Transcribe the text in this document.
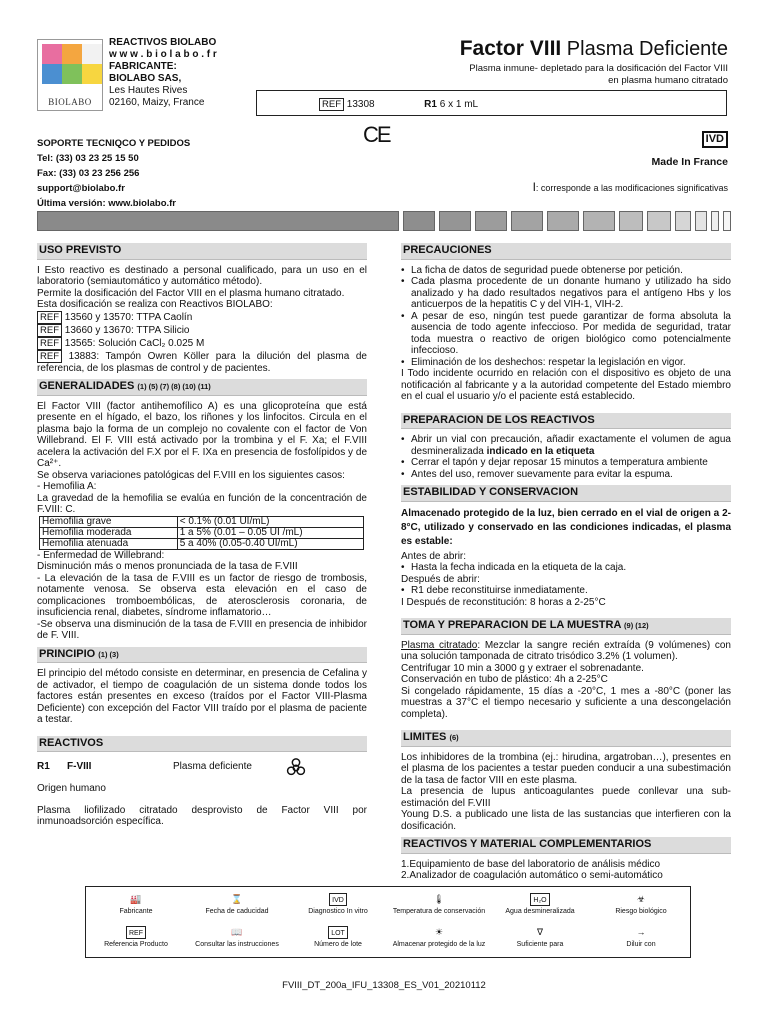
BIOLABO
REACTIVOS BIOLABO
w w w . b i o l a b o . f r
FABRICANTE:
BIOLABO SAS,
Les Hautes Rives
02160, Maizy, France
Factor VIII Plasma Deficiente
Plasma inmune- depletado para la dosificación del Factor VIII
en plasma humano citratado
REF 13308	R1 6 x 1 mL
SOPORTE TECNIQCO Y PEDIDOS
Tel: (33) 03 23 25 15 50
Fax: (33) 03 23 256 256
support@biolabo.fr
Última versión: www.biolabo.fr
CE	IVD
Made In France
I: corresponde a las modificaciones significativas
USO PREVISTO
I Esto reactivo es destinado a personal cualificado, para un uso en el laboratorio (semiautomático y automático método).
Permite la dosificación del Factor VIII en el plasma humano citratado.
Esta dosificación se realiza con Reactivos BIOLABO:
REF 13560 y 13570: TTPA Caolín
REF 13660 y 13670: TTPA Silicio
REF 13565: Solución CaCl₂ 0.025 M
REF 13883: Tampón Owren Köller para la dilución del plasma de referencia, de los plasmas de control y de pacientes.
GENERALIDADES (1) (5) (7) (8) (10) (11)
El Factor VIII (factor antihemofílico A) es una glicoproteína que está presente en el hígado, el bazo, los riñones y los linfocitos. Circula en el plasma bajo la forma de un complejo no covalente con el factor de Von Willebrand. El F. VIII está activado por la trombina y el F. Xa; el F.VIII acelera la activación del F.X por el F. IXa en presencia de fosfolípidos y de Ca²⁺.
Se observa variaciones patológicas del F.VIII en los siguientes casos:
- Hemofilia A:
La gravedad de la hemofilia se evalúa en función de la concentración de F.VIII: C.
Hemofilia grave	< 0.1% (0.01 UI/mL)
Hemofilia moderada	1 a 5% (0.01 – 0.05 UI /mL)
Hemofilia atenuada	5 a 40% (0.05-0.40 UI/mL)
- Enfermedad de Willebrand:
Disminución más o menos pronunciada de la tasa de F.VIII
- La elevación de la tasa de F.VIII es un factor de riesgo de trombosis, notamente venosa. Se observa esta elevación en el caso de complicaciones tromboembólicas, de aterosclerosis coronaria, de insuficiencia renal, diabetes, síndrome inflamatorio…
-Se observa una disminución de la tasa de F.VIII en presencia de inhibidor de F. VIII.
PRINCIPIO (1) (3)
El principio del método consiste en determinar, en presencia de Cefalina y de activador, el tiempo de coagulación de un sistema donde todos los factores están presentes en exceso (traídos por el Factor VIII-Plasma Deficiente) con excepción del Factor VIII traído por el plasma de paciente a testar.
REACTIVOS
R1 F-VIII	Plasma deficiente
Origen humano
Plasma liofilizado citratado desprovisto de Factor VIII por inmunoadsorción específica.
PRECAUCIONES
• La ficha de datos de seguridad puede obtenerse por petición.
• Cada plasma procedente de un donante humano y utilizado ha sido analizado y ha dado resultados negativos para el antígeno Hbs y los anticuerpos de la hepatitis C y del VIH-1, VIH-2.
• A pesar de eso, ningún test puede garantizar de forma absoluta la ausencia de todo agente infeccioso. Por medida de seguridad, tratar toda muestra o reactivo de origen biológico como potencialmente infeccioso.
• Eliminación de los deshechos: respetar la legislación en vigor.
I Todo incidente ocurrido en relación con el dispositivo es objeto de una notificación al fabricante y a la autoridad competente del Estado miembro en el cual el usuario y/o el paciente está establecido.
PREPARACION DE LOS REACTIVOS
• Abrir un vial con precaución, añadir exactamente el volumen de agua desmineralizada indicado en la etiqueta
• Cerrar el tapón y dejar reposar 15 minutos a temperatura ambiente
• Antes del uso, remover suevamente para evitar la espuma.
ESTABILIDAD Y CONSERVACION
Almacenado protegido de la luz, bien cerrado en el vial de origen a 2-8°C, utilizado y conservado en las condiciones indicadas, el plasma es estable:
Antes de abrir:
• Hasta la fecha indicada en la etiqueta de la caja.
Después de abrir:
• R1 debe reconstituirse inmediatamente.
I Después de reconstitución: 8 horas a 2-25°C
TOMA Y PREPARACION DE LA MUESTRA (9) (12)
Plasma citratado: Mezclar la sangre recién extraída (9 volúmenes) con una solución tamponada de citrato trisódico 3.2% (1 volumen).
Centrifugar 10 min a 3000 g y extraer el sobrenadante.
Conservación en tubo de plástico: 4h a 2-25°C
Si congelado rápidamente, 15 días a -20°C, 1 mes a -80°C (poner las muestras a 37°C el tiempo necesario y suficiente a una descongelación completa).
LIMITES (6)
Los inhibidores de la trombina (ej.: hirudina, argatroban…), presentes en el plasma de los pacientes a testar pueden conducir a una subestimación de la tasa de factor VIII en este plasma.
La presencia de lupus anticoagulantes puede conllevar una sub-estimación del F.VIII
Young D.S. a publicado une lista de las sustancias que interfieren con la dosificación.
REACTIVOS Y MATERIAL COMPLEMENTARIOS
1.Equipamiento de base del laboratorio de análisis médico
2.Analizador de coagulación automático o semi-automático
🏭
Fabricante
⌛
Fecha de caducidad
IVD
Diagnostico In vitro
🌡
Temperatura de conservación
H₂O
Agua desmineralizada
☣
Riesgo biológico
REF
Referencia Producto
📖
Consultar las instrucciones
LOT
Número de lote
☀
Almacenar protegido de la luz
∇
Suficiente para
→
Diluir con
FVIII_DT_200a_IFU_13308_ES_V01_20210112
